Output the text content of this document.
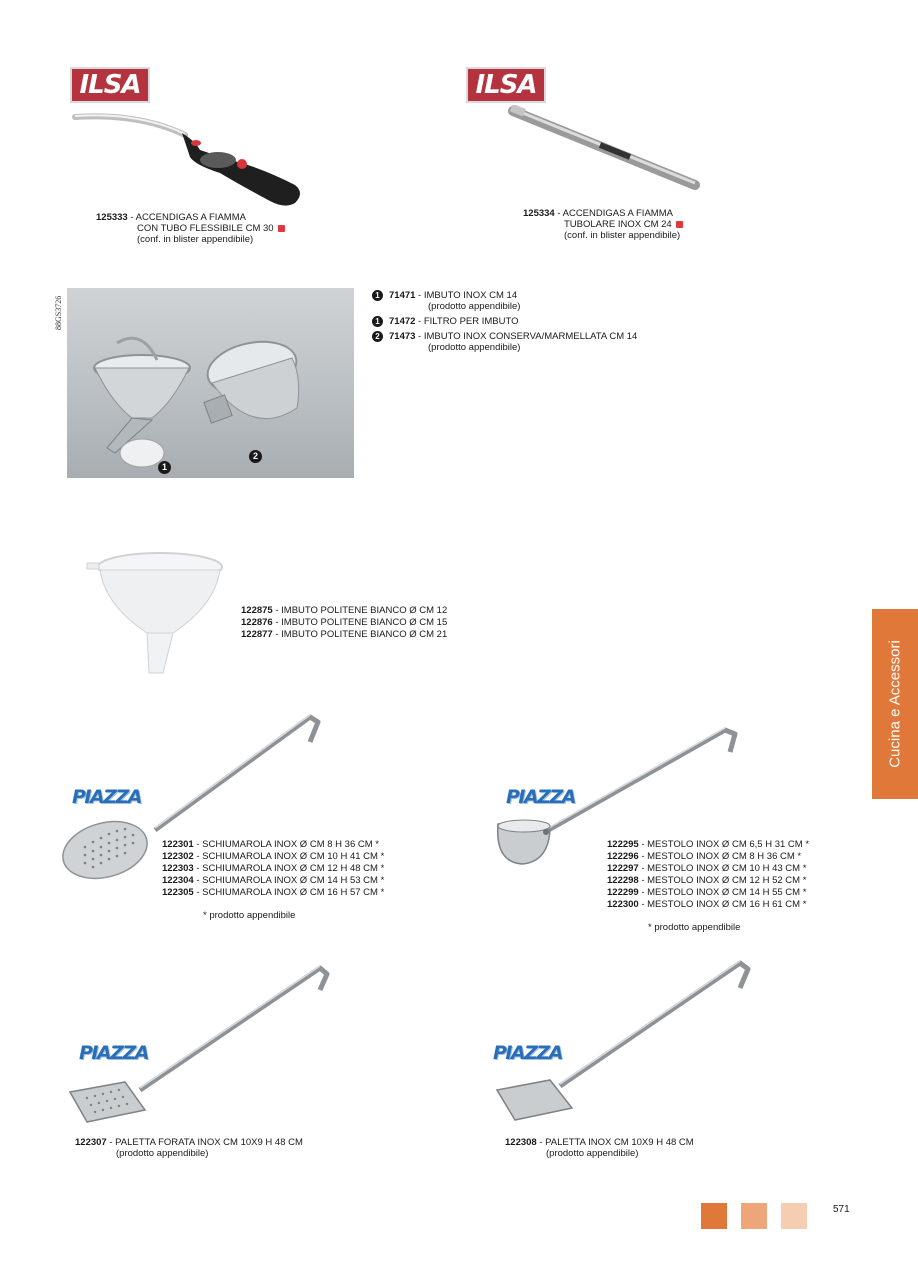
ILSA	ILSA
125333 - ACCENDIGAS A FIAMMA
CON TUBO FLESSIBILE CM 30
(conf. in blister appendibile)
125334 - ACCENDIGAS A FIAMMA
TUBOLARE INOX CM 24
(conf. in blister appendibile)
88GS3726
1
2
1 71471 - IMBUTO INOX CM 14
(prodotto appendibile)
1 71472 - FILTRO PER IMBUTO
2 71473 - IMBUTO INOX CONSERVA/MARMELLATA CM 14
(prodotto appendibile)
122875 - IMBUTO POLITENE BIANCO Ø CM 12
122876 - IMBUTO POLITENE BIANCO Ø CM 15
122877 - IMBUTO POLITENE BIANCO Ø CM 21
Cucina e Accessori
PIAZZA
122301 - SCHIUMAROLA INOX Ø CM 8 H 36 CM *
122302 - SCHIUMAROLA INOX Ø CM 10 H 41 CM *
122303 - SCHIUMAROLA INOX Ø CM 12 H 48 CM *
122304 - SCHIUMAROLA INOX Ø CM 14 H 53 CM *
122305 - SCHIUMAROLA INOX Ø CM 16 H 57 CM *
* prodotto appendibile
PIAZZA
122295 - MESTOLO INOX Ø CM 6,5 H 31 CM *
122296 - MESTOLO INOX Ø CM 8 H 36 CM *
122297 - MESTOLO INOX Ø CM 10 H 43 CM *
122298 - MESTOLO INOX Ø CM 12 H 52 CM *
122299 - MESTOLO INOX Ø CM 14 H 55 CM *
122300 - MESTOLO INOX Ø CM 16 H 61 CM *
* prodotto appendibile
PIAZZA
122307 - PALETTA FORATA INOX CM 10X9 H 48 CM
(prodotto appendibile)
PIAZZA
122308 - PALETTA INOX CM 10X9 H 48 CM
(prodotto appendibile)
571
